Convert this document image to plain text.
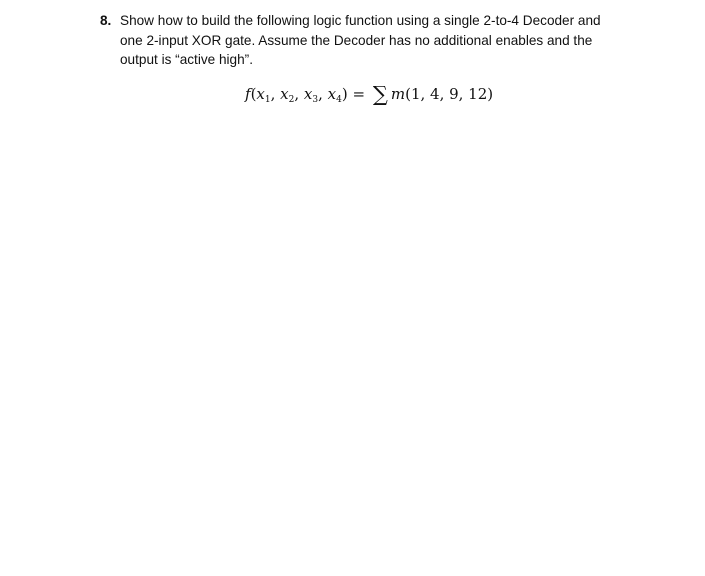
8. Show how to build the following logic function using a single 2-to-4 Decoder and one 2-input XOR gate. Assume the Decoder has no additional enables and the output is “active high”.
$f(x_1$, $x_2$, $x_3$, $x_4$) = ∑ m(1, 4, 9, 12)
